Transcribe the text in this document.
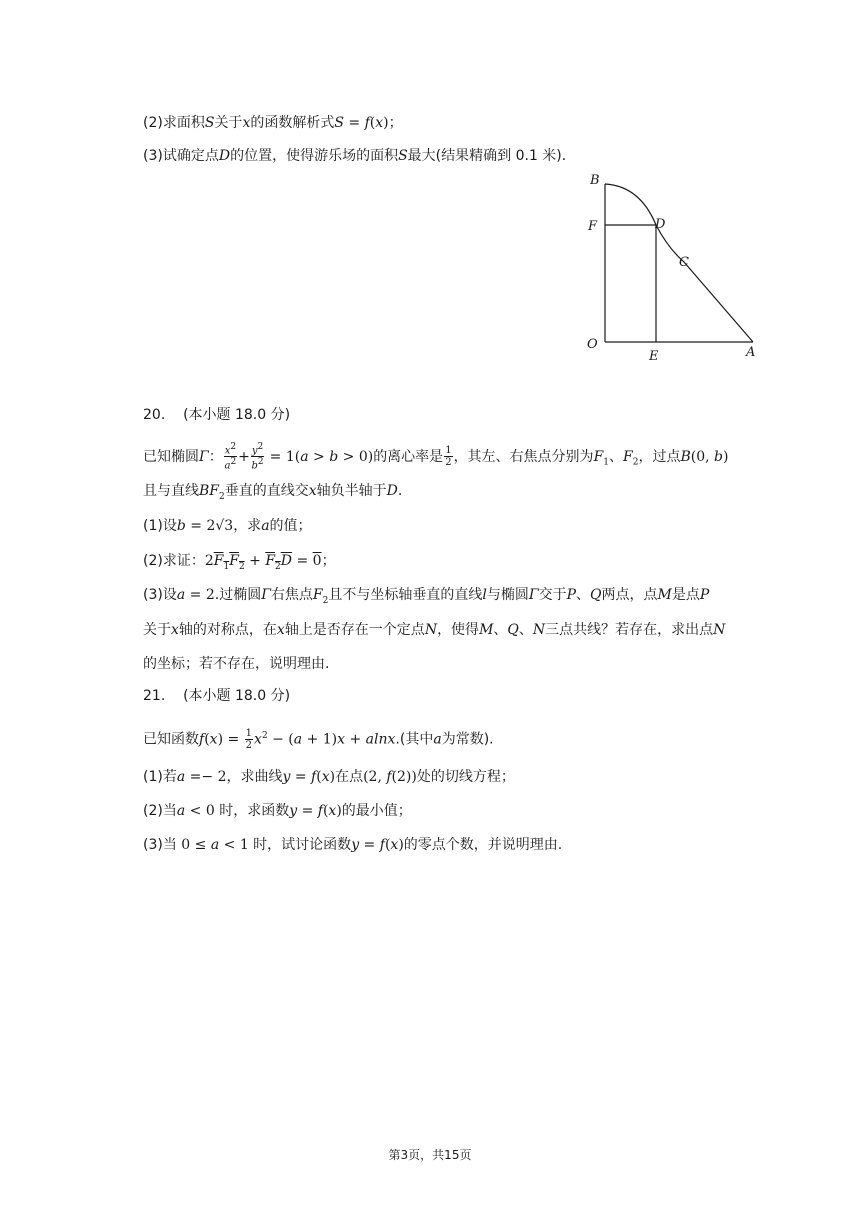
(2)求面积S关于x的函数解析式S = f(x)；
(3)试确定点D的位置，使得游乐场的面积S最大(结果精确到 0.1 米)．
B
F	D
C
O
E	A
20. (本小题 18.0 分)
已知椭圆Γ： $\frac{x^2}{a^2} + \frac{y^2}{b^2} = 1(a > b > 0)$的离心率是 $\frac{1}{2}$ ，其左、右焦点分别为$F_1$、$F_2$，过点B(0, b)
且与直线$BF_2$垂直的直线交x轴负半轴于D.
(1)设b = 2√3，求a的值；
(2)求证：$2F_1F_2 + F_2D = 0$；
(3)设a = 2.过椭圆Γ右焦点$F_2$且不与坐标轴垂直的直线l与椭圆Γ交于P、Q两点，点M是点P
关于x轴的对称点，在x轴上是否存在一个定点N，使得M、Q、N三点共线？若存在，求出点N
的坐标；若不存在，说明理由.
21. (本小题 18.0 分)
已知函数$f(x) = \frac{1}{2} x^2 - (a + 1)x + alnx$.(其中a为常数).
(1)若a =− 2，求曲线y = f(x)在点(2, f(2))处的切线方程；
(2)当a < 0 时，求函数y = f(x)的最小值；
(3)当 0 ≤ a < 1 时，试讨论函数y = f(x)的零点个数，并说明理由.
第3页，共15页
